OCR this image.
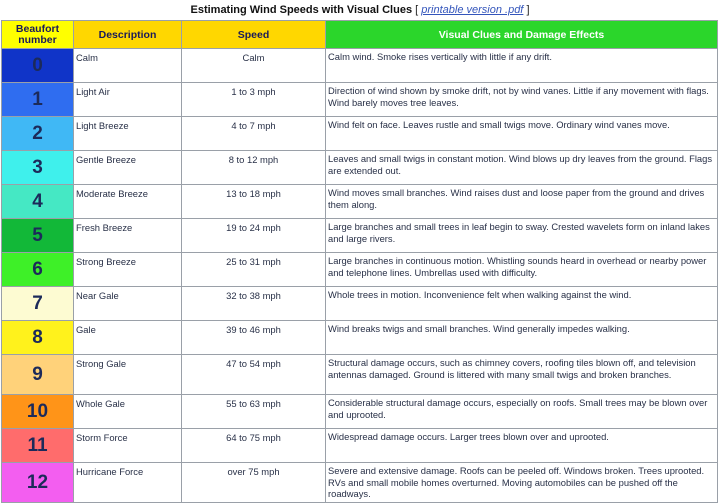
Estimating Wind Speeds with Visual Clues [ printable version .pdf ]
Beaufort number	Description	Speed	Visual Clues and Damage Effects
0	Calm	Calm	Calm wind. Smoke rises vertically with little if any drift.
1	Light Air	1 to 3 mph	Direction of wind shown by smoke drift, not by wind vanes. Little if any movement with flags. Wind barely moves tree leaves.
2	Light Breeze	4 to 7 mph	Wind felt on face. Leaves rustle and small twigs move. Ordinary wind vanes move.
3	Gentle Breeze	8 to 12 mph	Leaves and small twigs in constant motion. Wind blows up dry leaves from the ground. Flags are extended out.
4	Moderate Breeze	13 to 18 mph	Wind moves small branches. Wind raises dust and loose paper from the ground and drives them along.
5	Fresh Breeze	19 to 24 mph	Large branches and small trees in leaf begin to sway. Crested wavelets form on inland lakes and large rivers.
6	Strong Breeze	25 to 31 mph	Large branches in continuous motion. Whistling sounds heard in overhead or nearby power and telephone lines. Umbrellas used with difficulty.
7	Near Gale	32 to 38 mph	Whole trees in motion. Inconvenience felt when walking against the wind.
8	Gale	39 to 46 mph	Wind breaks twigs and small branches. Wind generally impedes walking.
9	Strong Gale	47 to 54 mph	Structural damage occurs, such as chimney covers, roofing tiles blown off, and television antennas damaged. Ground is littered with many small twigs and broken branches.
10	Whole Gale	55 to 63 mph	Considerable structural damage occurs, especially on roofs. Small trees may be blown over and uprooted.
11	Storm Force	64 to 75 mph	Widespread damage occurs. Larger trees blown over and uprooted.
12	Hurricane Force	over 75 mph	Severe and extensive damage. Roofs can be peeled off. Windows broken. Trees uprooted. RVs and small mobile homes overturned. Moving automobiles can be pushed off the roadways.
